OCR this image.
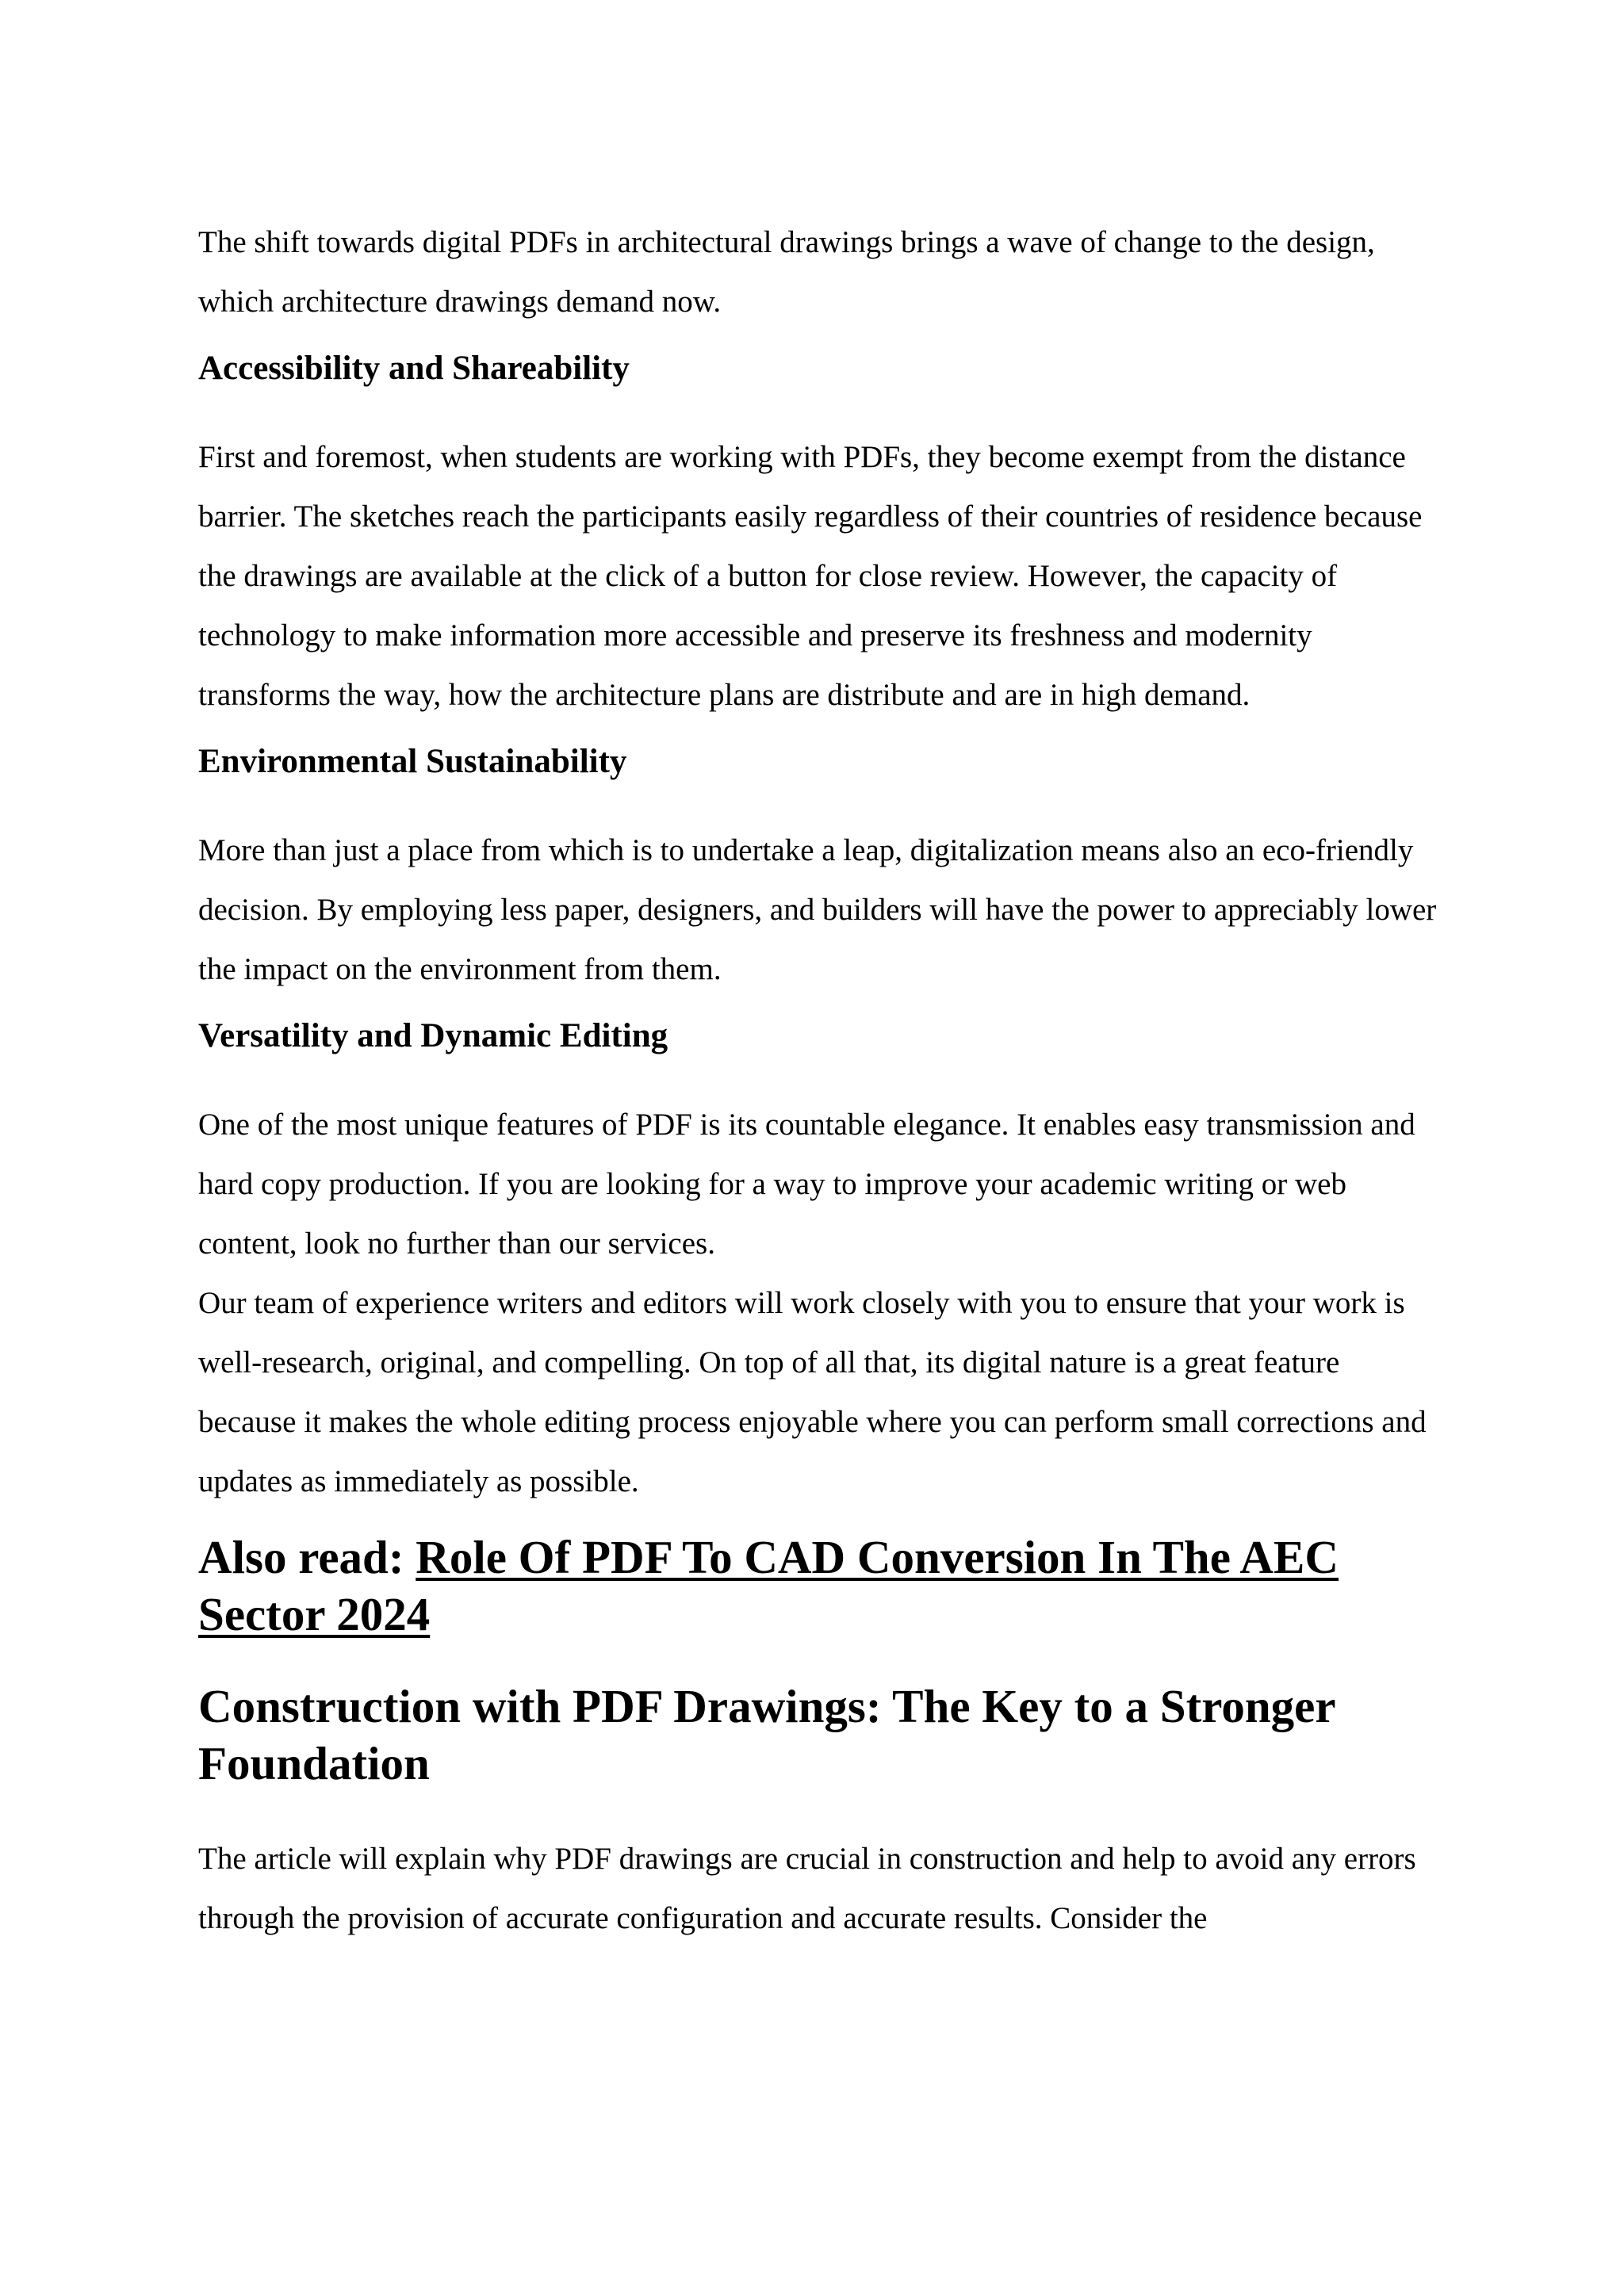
The shift towards digital PDFs in architectural drawings brings a wave of change to the design, which architecture drawings demand now.

Accessibility and Shareability

First and foremost, when students are working with PDFs, they become exempt from the distance barrier. The sketches reach the participants easily regardless of their countries of residence because the drawings are available at the click of a button for close review. However, the capacity of technology to make information more accessible and preserve its freshness and modernity transforms the way, how the architecture plans are distribute and are in high demand.

Environmental Sustainability

More than just a place from which is to undertake a leap, digitalization means also an eco-friendly decision. By employing less paper, designers, and builders will have the power to appreciably lower the impact on the environment from them.

Versatility and Dynamic Editing

One of the most unique features of PDF is its countable elegance. It enables easy transmission and hard copy production. If you are looking for a way to improve your academic writing or web content, look no further than our services.

Our team of experience writers and editors will work closely with you to ensure that your work is well-research, original, and compelling. On top of all that, its digital nature is a great feature because it makes the whole editing process enjoyable where you can perform small corrections and updates as immediately as possible.

Also read: Role Of PDF To CAD Conversion In The AEC Sector 2024
Construction with PDF Drawings: The Key to a Stronger Foundation

The article will explain why PDF drawings are crucial in construction and help to avoid any errors through the provision of accurate configuration and accurate results. Consider the
